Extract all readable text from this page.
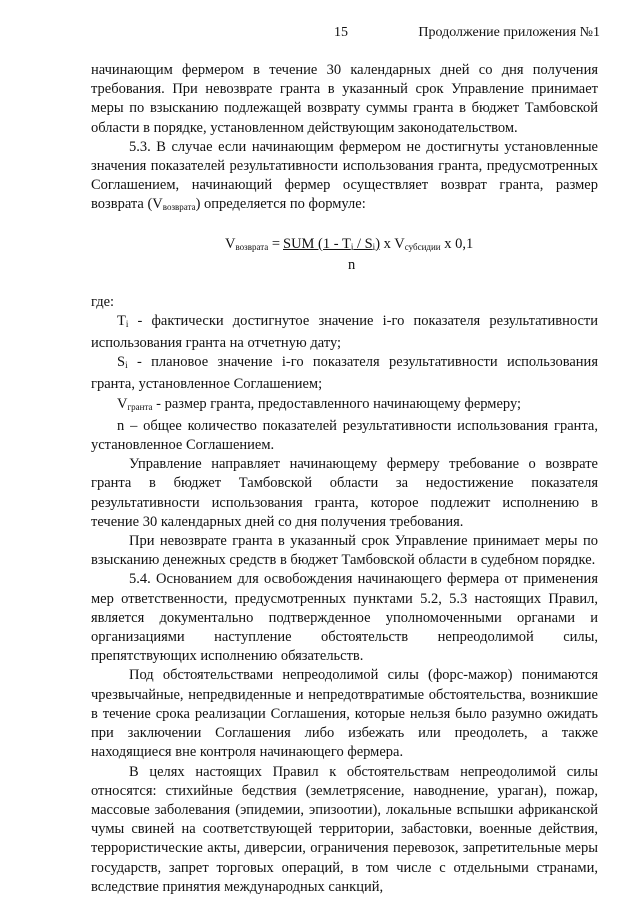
15	Продолжение приложения №1

начинающим фермером в течение 30 календарных дней со дня получения требования. При невозврате гранта в указанный срок Управление принимает меры по взысканию подлежащей возврату суммы гранта в бюджет Тамбовской области в порядке, установленном действующим законодательством.

5.3. В случае если начинающим фермером не достигнуты установленные значения показателей результативности использования гранта, предусмотренных Соглашением, начинающий фермер осуществляет возврат гранта, размер возврата $(V_{возврата})$ определяется по формуле:

$V_{возврата}$ = SUM $(1 - T_i / S_i)$ x $V_{субсидии}$ x 0,1
n

где:

$T_i$ - фактически достигнутое значение i-го показателя результативности использования гранта на отчетную дату;

$S_i$ - плановое значение i-го показателя результативности использования гранта, установленное Соглашением;

$V_{гранта}$ - размер гранта, предоставленного начинающему фермеру;

n – общее количество показателей результативности использования гранта, установленное Соглашением.

Управление направляет начинающему фермеру требование о возврате гранта в бюджет Тамбовской области за недостижение показателя результативности использования гранта, которое подлежит исполнению в течение 30 календарных дней со дня получения требования.

При невозврате гранта в указанный срок Управление принимает меры по взысканию денежных средств в бюджет Тамбовской области в судебном порядке.

5.4. Основанием для освобождения начинающего фермера от применения мер ответственности, предусмотренных пунктами 5.2, 5.3 настоящих Правил, является документально подтвержденное уполномоченными органами и организациями наступление обстоятельств непреодолимой силы, препятствующих исполнению обязательств.

Под обстоятельствами непреодолимой силы (форс-мажор) понимаются чрезвычайные, непредвиденные и непредотвратимые обстоятельства, возникшие в течение срока реализации Соглашения, которые нельзя было разумно ожидать при заключении Соглашения либо избежать или преодолеть, а также находящиеся вне контроля начинающего фермера.

В целях настоящих Правил к обстоятельствам непреодолимой силы относятся: стихийные бедствия (землетрясение, наводнение, ураган), пожар, массовые заболевания (эпидемии, эпизоотии), локальные вспышки африканской чумы свиней на соответствующей территории, забастовки, военные действия, террористические акты, диверсии, ограничения перевозок, запретительные меры государств, запрет торговых операций, в том числе с отдельными странами, вследствие принятия международных санкций,
